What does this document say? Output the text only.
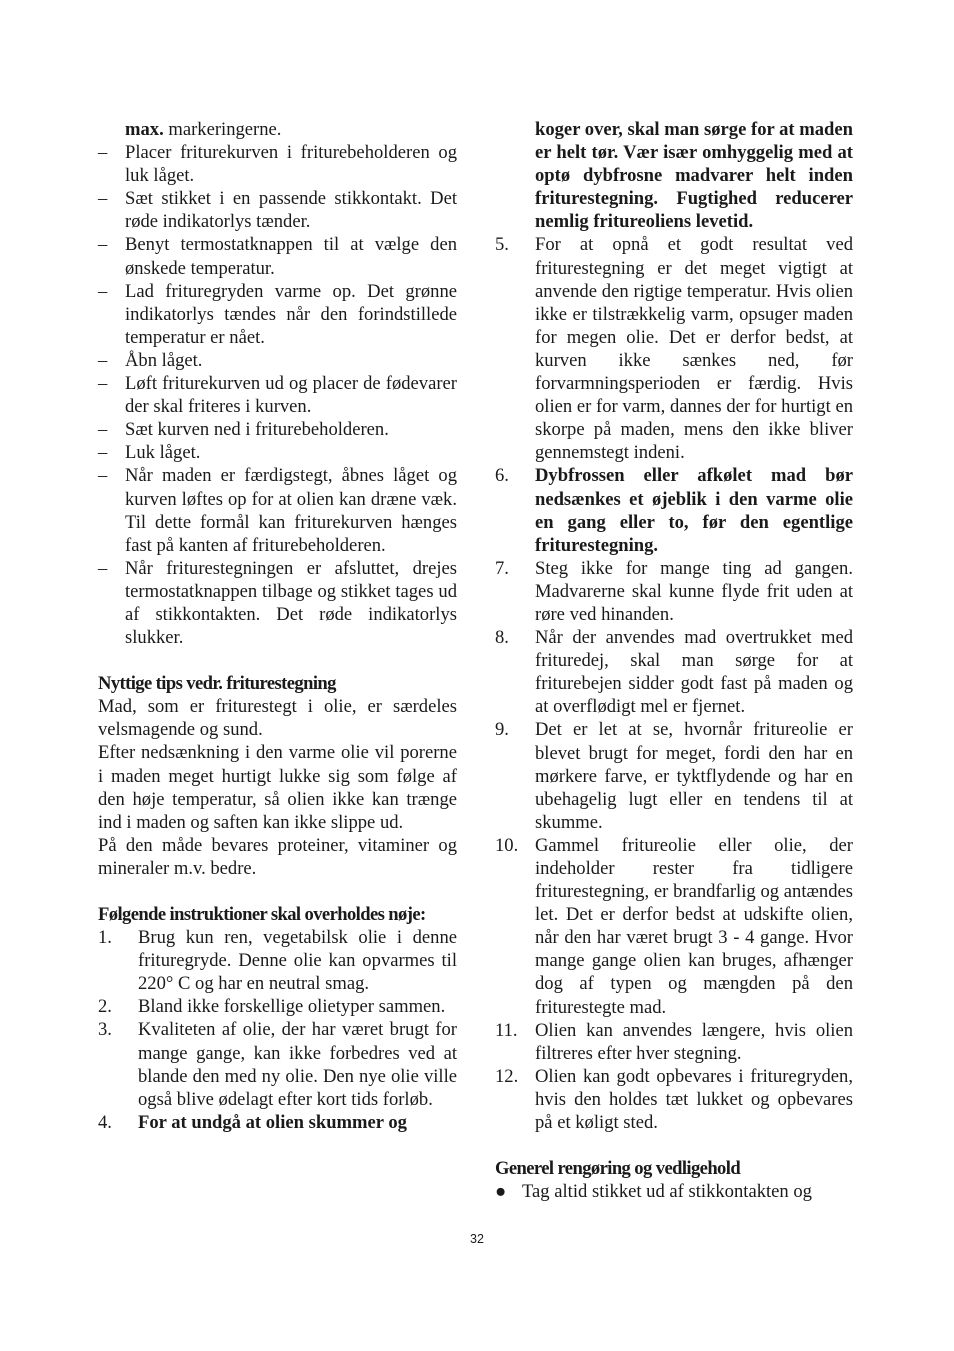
max. markeringerne.

– Placer friturekurven i friturebeholderen og luk låget.
– Sæt stikket i en passende stikkontakt. Det røde indikatorlys tænder.
– Benyt termostatknappen til at vælge den ønskede temperatur.
– Lad frituregryden varme op. Det grønne indikatorlys tændes når den forindstillede temperatur er nået.
– Åbn låget.
– Løft friturekurven ud og placer de fødevarer der skal friteres i kurven.
– Sæt kurven ned i friturebeholderen.
– Luk låget.
– Når maden er færdigstegt, åbnes låget og kurven løftes op for at olien kan dræne væk. Til dette formål kan friturekurven hænges fast på kanten af friturebeholderen.
– Når friturestegningen er afsluttet, drejes termostatknappen tilbage og stikket tages ud af stikkontakten. Det røde indikatorlys slukker.

Nyttige tips vedr. friturestegning

Mad, som er friturestegt i olie, er særdeles velsmagende og sund.

Efter nedsænkning i den varme olie vil porerne i maden meget hurtigt lukke sig som følge af den høje temperatur, så olien ikke kan trænge ind i maden og saften kan ikke slippe ud.

På den måde bevares proteiner, vitaminer og mineraler m.v. bedre.

Følgende instruktioner skal overholdes nøje:

1. Brug kun ren, vegetabilsk olie i denne frituregryde. Denne olie kan opvarmes til 220° C og har en neutral smag.
2. Bland ikke forskellige olietyper sammen.
3. Kvaliteten af olie, der har været brugt for mange gange, kan ikke forbedres ved at blande den med ny olie. Den nye olie ville også blive ødelagt efter kort tids forløb.
4. For at undgå at olien skummer og

koger over, skal man sørge for at maden er helt tør. Vær især omhyggelig med at optø dybfrosne madvarer helt inden friturestegning. Fugtighed reducerer nemlig fritureoliens levetid.

5. For at opnå et godt resultat ved friturestegning er det meget vigtigt at anvende den rigtige temperatur. Hvis olien ikke er tilstrækkelig varm, opsuger maden for megen olie. Det er derfor bedst, at kurven ikke sænkes ned, før forvarmningsperioden er færdig. Hvis olien er for varm, dannes der for hurtigt en skorpe på maden, mens den ikke bliver gennemstegt indeni.
6. Dybfrossen eller afkølet mad bør nedsænkes et øjeblik i den varme olie en gang eller to, før den egentlige friturestegning.
7. Steg ikke for mange ting ad gangen. Madvarerne skal kunne flyde frit uden at røre ved hinanden.
8. Når der anvendes mad overtrukket med frituredej, skal man sørge for at friturebejen sidder godt fast på maden og at overflødigt mel er fjernet.
9. Det er let at se, hvornår fritureolie er blevet brugt for meget, fordi den har en mørkere farve, er tyktflydende og har en ubehagelig lugt eller en tendens til at skumme.
10. Gammel fritureolie eller olie, der indeholder rester fra tidligere friturestegning, er brandfarlig og antændes let. Det er derfor bedst at udskifte olien, når den har været brugt 3 - 4 gange. Hvor mange gange olien kan bruges, afhænger dog af typen og mængden på den friturestegte mad.
11. Olien kan anvendes længere, hvis olien filtreres efter hver stegning.
12. Olien kan godt opbevares i frituregryden, hvis den holdes tæt lukket og opbevares på et køligt sted.

Generel rengøring og vedligehold

● Tag altid stikket ud af stikkontakten og
32
